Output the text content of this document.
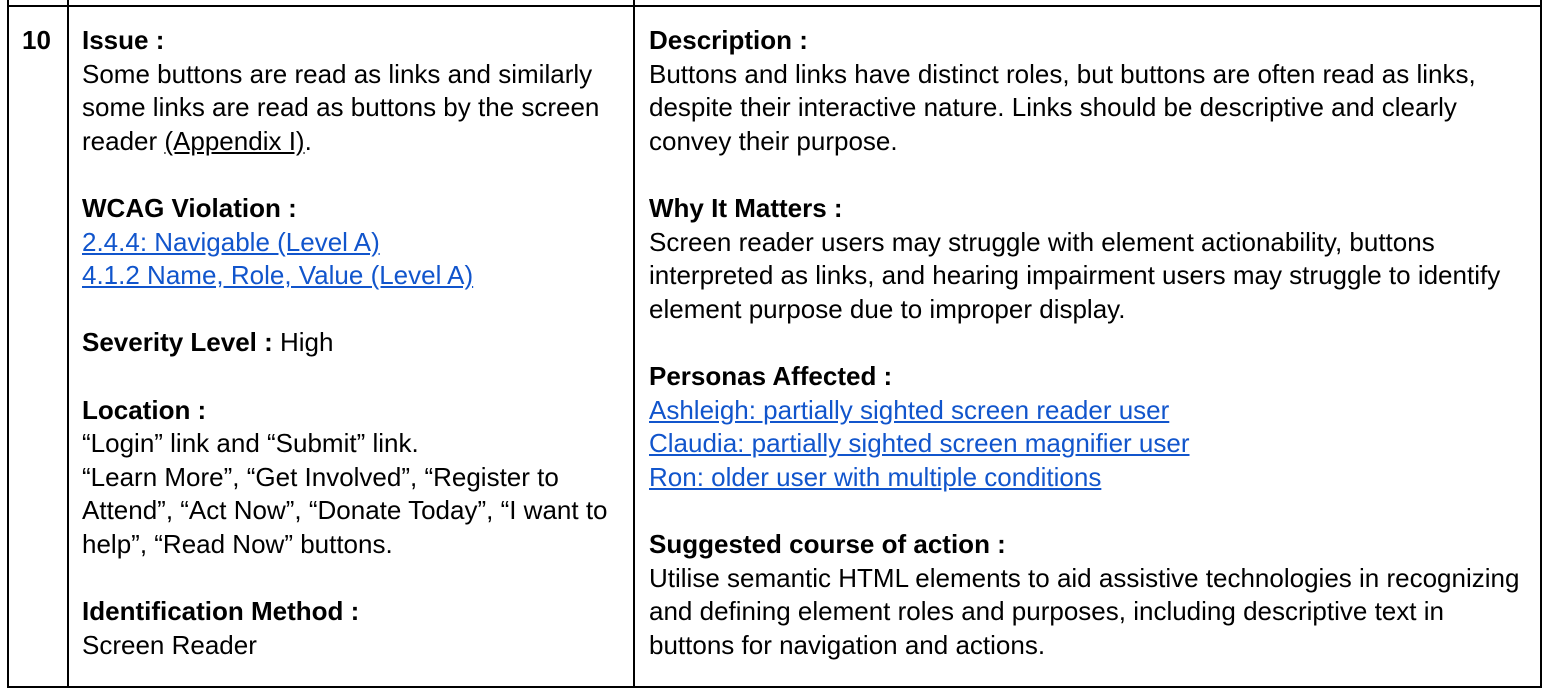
10 Issue :
Some buttons are read as links and similarly some links are read as buttons by the screen reader (Appendix I).
WCAG Violation :
2.4.4: Navigable (Level A)
4.1.2 Name, Role, Value (Level A)
Severity Level : High
Location :
“Login” link and “Submit” link.
“Learn More”, “Get Involved”, “Register to Attend”, “Act Now”, “Donate Today”, “I want to help”, “Read Now” buttons.
Identification Method :
Screen Reader
Description :
Buttons and links have distinct roles, but buttons are often read as links, despite their interactive nature. Links should be descriptive and clearly convey their purpose.
Why It Matters :
Screen reader users may struggle with element actionability, buttons interpreted as links, and hearing impairment users may struggle to identify element purpose due to improper display.
Personas Affected :
Ashleigh: partially sighted screen reader user
Claudia: partially sighted screen magnifier user
Ron: older user with multiple conditions
Suggested course of action :
Utilise semantic HTML elements to aid assistive technologies in recognizing and defining element roles and purposes, including descriptive text in buttons for navigation and actions.
